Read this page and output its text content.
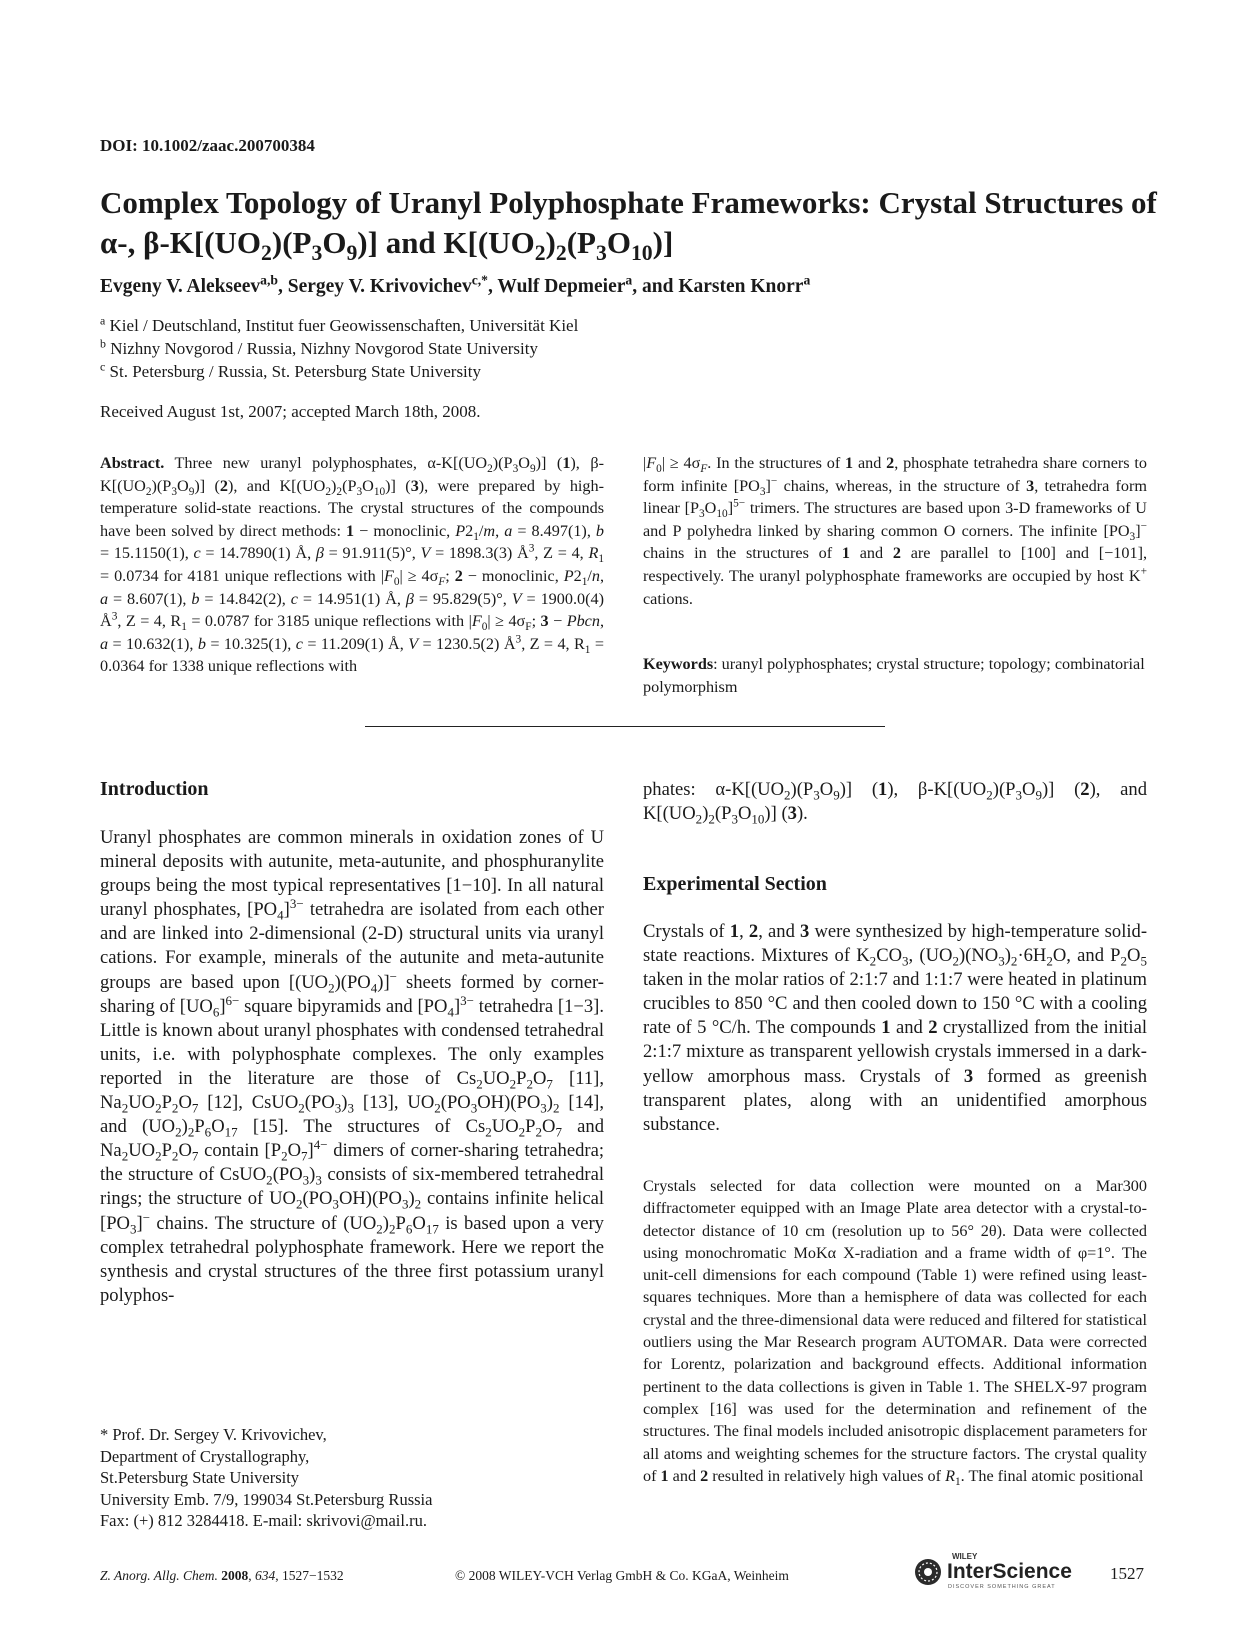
DOI: 10.1002/zaac.200700384
Complex Topology of Uranyl Polyphosphate Frameworks: Crystal Structures of
α-, $\beta-K[(UO_2)(P_3O_9)]$ and $K[(UO_2)_2(P_3O_{10})]$
Evgeny V. Alekseev$^{a,b}$, Sergey V. Krivovichev$^{c,*}$, Wulf Depmeier$^a$, and Karsten Knorr$^a$
$^a$ Kiel / Deutschland, Institut fuer Geowissenschaften, Universität Kiel
$^b$ Nizhny Novgorod / Russia, Nizhny Novgorod State University
$^c$ St. Petersburg / Russia, St. Petersburg State University
Received August 1st, 2007; accepted March 18th, 2008.
Abstract. Three new uranyl polyphosphates, $\alpha-K[(UO_2)(P_3O_9)]$ (1), $\beta-K[(UO_2)(P_3O_9)]$ (2), and $K[(UO_2)_2(P_3O_{10})]$ (3), were prepared by high-temperature solid-state reactions. The crystal structures of the compounds have been solved by direct methods: 1 − monoclinic, $P2_1/m$, a = 8.497(1), b = 15.1150(1), c = 14.7890(1) Å, β = 91.911(5)°, V = 1898.3(3) $Å^3$, Z = 4, $R_1 = 0.0734$ for 4181 unique reflections with $|F_0| \ge 4\sigma_F$; 2 − monoclinic, $P2_1/n$, a = 8.607(1), b = 14.842(2), c = 14.951(1) Å, β = 95.829(5)°, V = 1900.0(4) $Å^3$, Z = 4, $R_1 = 0.0787$ for 3185 unique reflections with $|F_0| \ge 4\sigma_F$; 3 − Pbcn, a = 10.632(1), b = 10.325(1), c = 11.209(1) Å, V = 1230.5(2) $Å^3$, Z = 4, $R_1 = 0.0364$ for 1338 unique reflections with
$|F_0| \ge 4\sigma_F$. In the structures of 1 and 2, phosphate tetrahedra share corners to form infinite $[PO_3]^-$ chains, whereas, in the structure of 3, tetrahedra form linear $[P_3O_{10}]^{5-}$ trimers. The structures are based upon 3-D frameworks of U and P polyhedra linked by sharing common O corners. The infinite $[PO_3]^-$ chains in the structures of 1 and 2 are parallel to [100] and [−101], respectively. The uranyl polyphosphate frameworks are occupied by host K+ cations.
Keywords: uranyl polyphosphates; crystal structure; topology; combinatorial polymorphism
Introduction
Uranyl phosphates are common minerals in oxidation zones of U mineral deposits with autunite, meta-autunite, and phosphuranylite groups being the most typical representatives [1−10]. In all natural uranyl phosphates, $[PO_4]^{3-}$ tetrahedra are isolated from each other and are linked into 2-dimensional (2-D) structural units via uranyl cations. For example, minerals of the autunite and meta-autunite groups are based upon $[(UO_2)(PO_4)]^-$ sheets formed by corner-sharing of $[UO_6]^{6-}$ square bipyramids and $[PO_4]^{3-}$ tetrahedra [1−3]. Little is known about uranyl phosphates with condensed tetrahedral units, i.e. with polyphosphate complexes. The only examples reported in the literature are those of $Cs_2UO_2P_2O_7$ [11], $Na_2UO_2P_2O_7$ [12], $CsUO_2(PO_3)_3$ [13], $UO_2(PO_3OH)(PO_3)_2$ [14], and $(UO_2)_2P_6O_{17}$ [15]. The structures of $Cs_2UO_2P_2O_7$ and $Na_2UO_2P_2O_7$ contain $[P_2O_7]^{4-}$ dimers of corner-sharing tetrahedra; the structure of $CsUO_2(PO_3)_3$ consists of six-membered tetrahedral rings; the structure of $UO_2(PO_3OH)(PO_3)_2$ contains infinite helical $[PO_3]^-$ chains. The structure of $(UO_2)_2P_6O_{17}$ is based upon a very complex tetrahedral polyphosphate framework. Here we report the synthesis and crystal structures of the three first potassium uranyl polyphos-
phates: $\alpha-K[(UO_2)(P_3O_9)]$ (1), $\beta-K[(UO_2)(P_3O_9)]$ (2), and $K[(UO_2)_2(P_3O_{10})]$ (3).
Experimental Section
Crystals of 1, 2, and 3 were synthesized by high-temperature solid-state reactions. Mixtures of $K_2CO_3$, $(UO_2)(NO_3)_2\cdot 6H_2O$, and $P_2O_5$ taken in the molar ratios of 2:1:7 and 1:1:7 were heated in platinum crucibles to 850 °C and then cooled down to 150 °C with a cooling rate of 5 °C/h. The compounds 1 and 2 crystallized from the initial 2:1:7 mixture as transparent yellowish crystals immersed in a dark-yellow amorphous mass. Crystals of 3 formed as greenish transparent plates, along with an unidentified amorphous substance.
Crystals selected for data collection were mounted on a Mar300 diffractometer equipped with an Image Plate area detector with a crystal-to-detector distance of 10 cm (resolution up to 56° 2θ). Data were collected using monochromatic MoKα X-radiation and a frame width of φ=1°. The unit-cell dimensions for each compound (Table 1) were refined using least-squares techniques. More than a hemisphere of data was collected for each crystal and the three-dimensional data were reduced and filtered for statistical outliers using the Mar Research program AUTOMAR. Data were corrected for Lorentz, polarization and background effects. Additional information pertinent to the data collections is given in Table 1. The SHELX-97 program complex [16] was used for the determination and refinement of the structures. The final models included anisotropic displacement parameters for all atoms and weighting schemes for the structure factors. The crystal quality of 1 and 2 resulted in relatively high values of $R_1$. The final atomic positional
* Prof. Dr. Sergey V. Krivovichev,
Department of Crystallography,
St.Petersburg State University
University Emb. 7/9, 199034 St.Petersburg Russia
Fax: (+) 812 3284418. E-mail: skrivovi@mail.ru.
Z. Anorg. Allg. Chem. 2008, 634, 1527−1532	© 2008 WILEY-VCH Verlag GmbH & Co. KGaA, Weinheim
WILEY
InterScience
DISCOVER SOMETHING GREAT
1527
